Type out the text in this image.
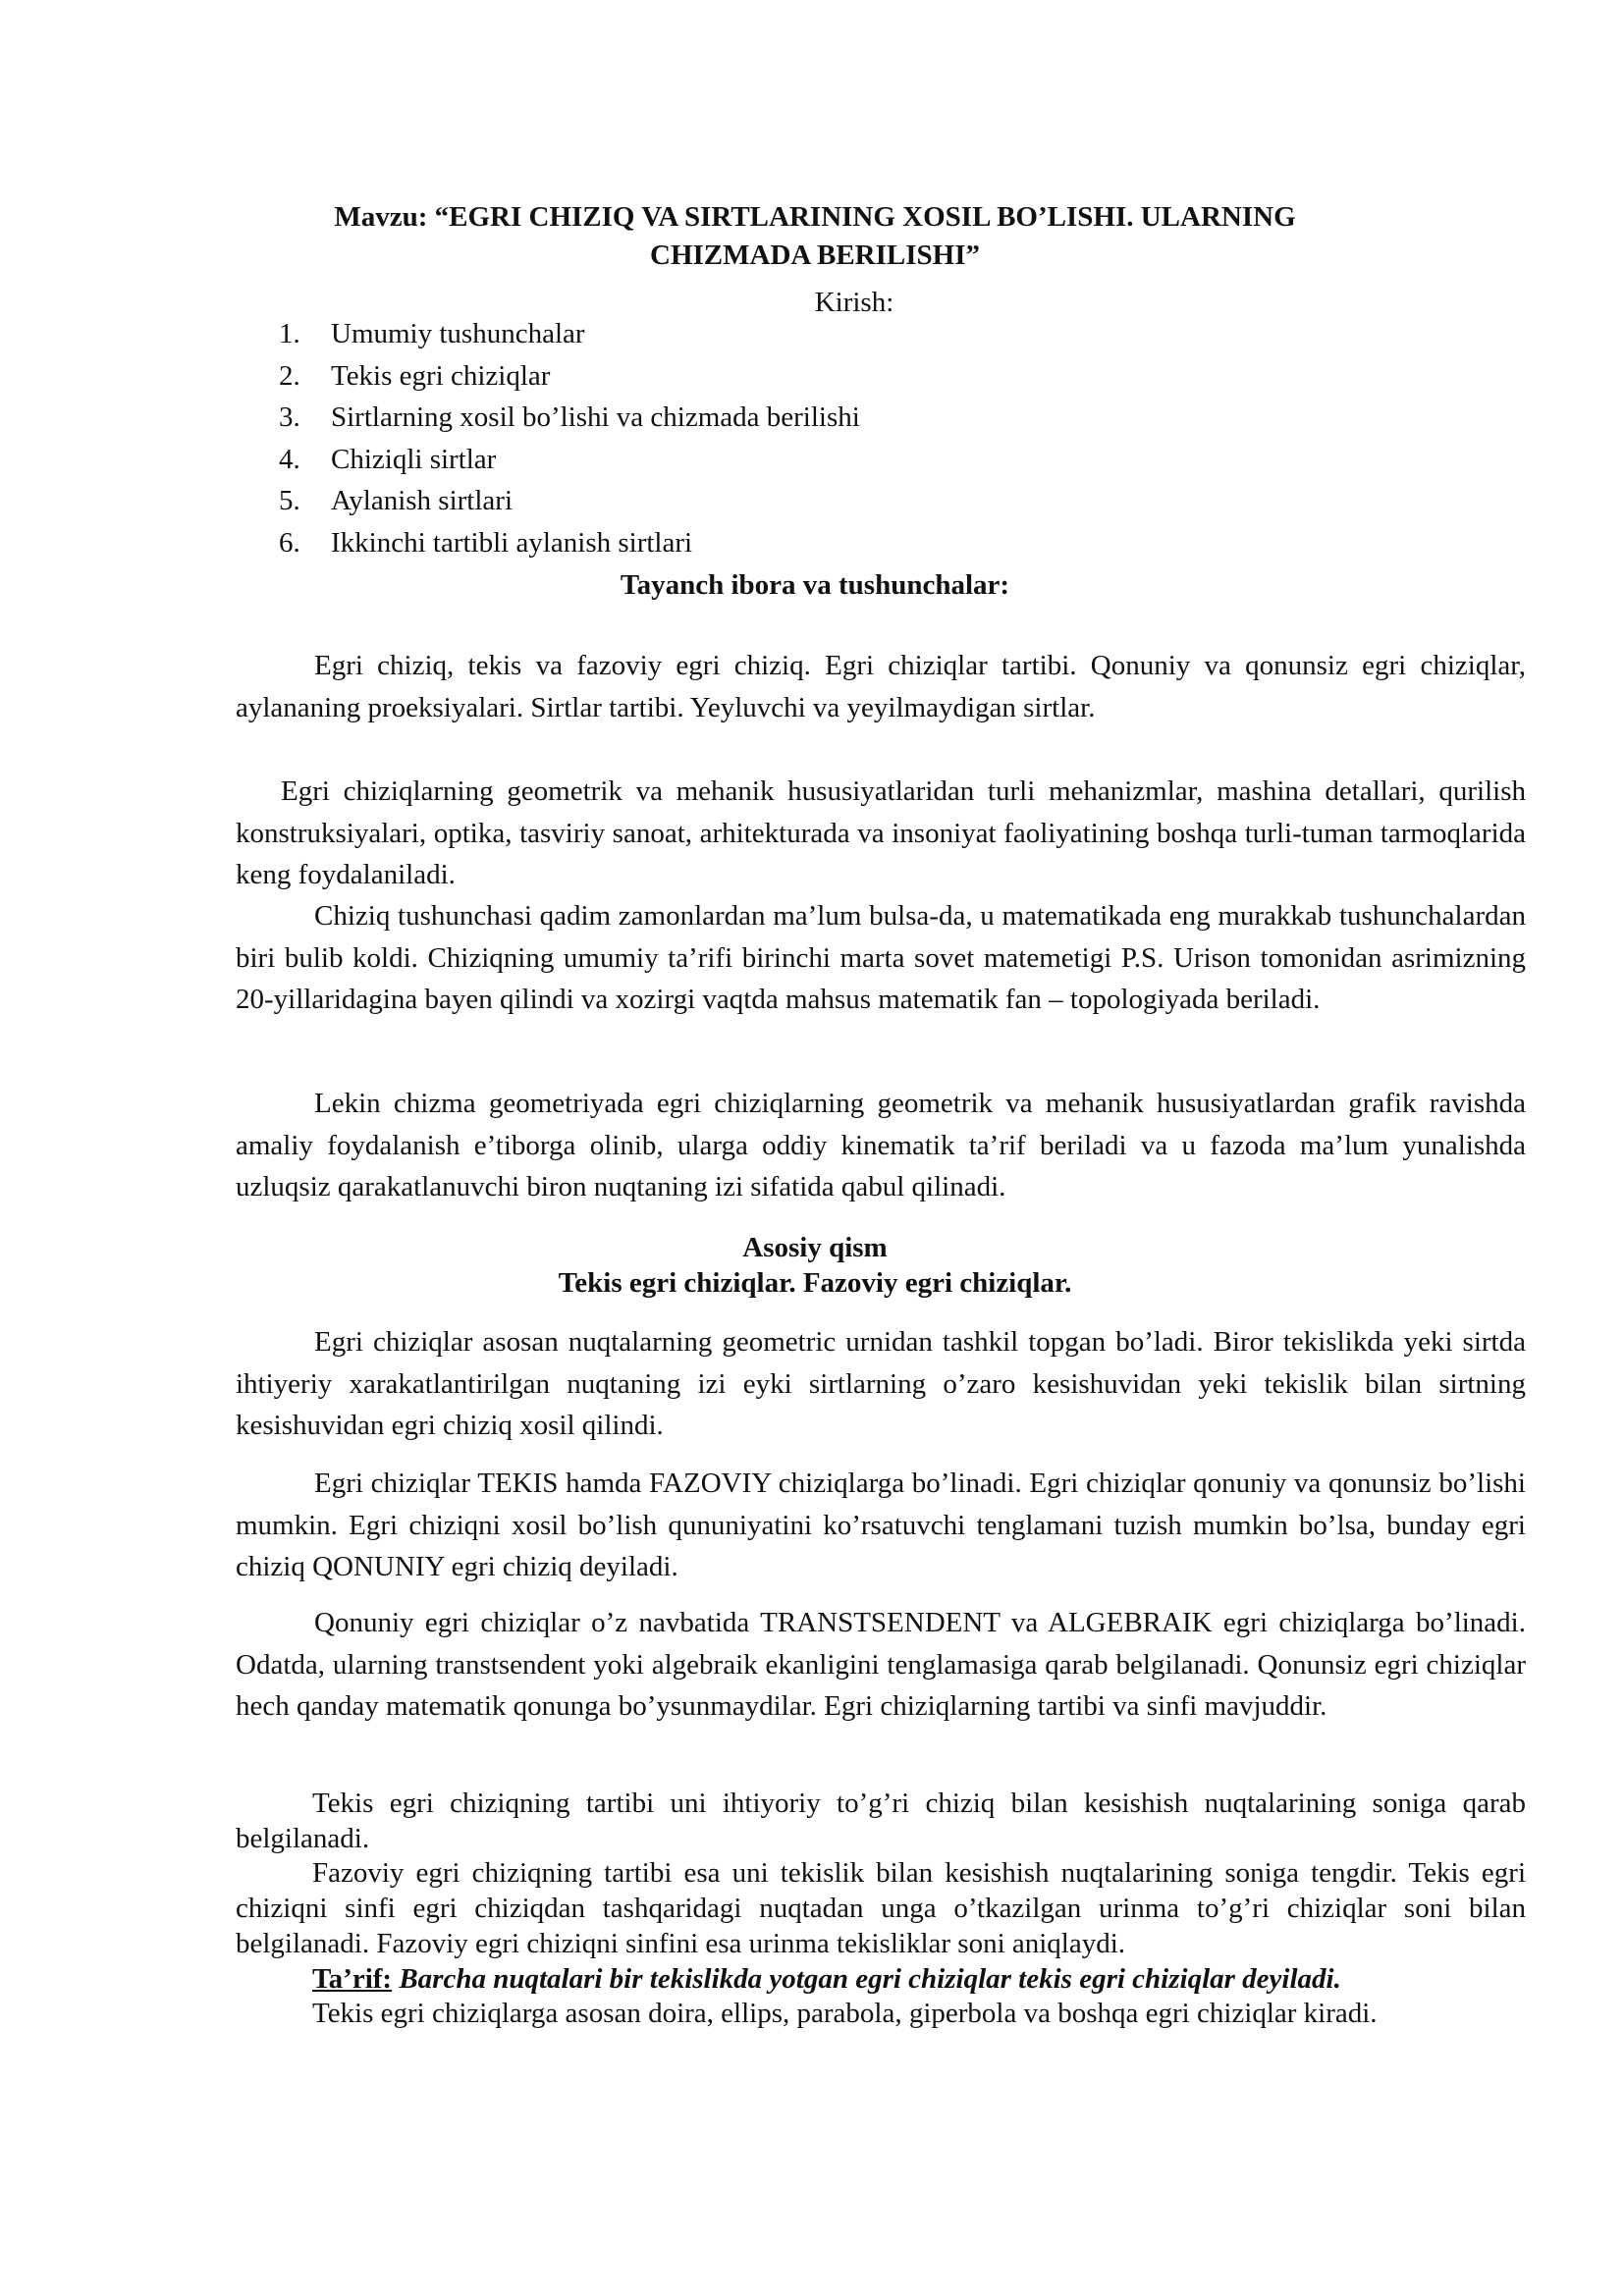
Mavzu: “EGRI CHIZIQ VA SIRTLARINING XOSIL BO’LISHI. ULARNING

CHIZMADA BERILISHI”

Kirish:

1.	Umumiy tushunchalar
2.	Tekis egri chiziqlar
3.	Sirtlarning xosil bo’lishi va chizmada berilishi
4.	Chiziqli sirtlar
5.	Aylanish sirtlari
6.	Ikkinchi tartibli aylanish sirtlari

Tayanch ibora va tushunchalar:

Egri chiziq, tekis va fazoviy egri chiziq. Egri chiziqlar tartibi. Qonuniy va qonunsiz egri chiziqlar, aylananing proeksiyalari. Sirtlar tartibi. Yeyluvchi va yeyilmaydigan sirtlar.

Egri chiziqlarning geometrik va mehanik hususiyatlaridan turli mehanizmlar, mashina detallari, qurilish konstruksiyalari, optika, tasviriy sanoat, arhitekturada va insoniyat faoliyatining boshqa turli-tuman tarmoqlarida keng foydalaniladi.

Chiziq tushunchasi qadim zamonlardan ma’lum bulsa-da, u matematikada eng murakkab tushunchalardan biri bulib koldi. Chiziqning umumiy ta’rifi birinchi marta sovet matemetigi P.S. Urison tomonidan asrimizning 20-yillaridagina bayen qilindi va xozirgi vaqtda mahsus matematik fan – topologiyada beriladi.

Lekin chizma geometriyada egri chiziqlarning geometrik va mehanik hususiyatlardan grafik ravishda amaliy foydalanish e’tiborga olinib, ularga oddiy kinematik ta’rif beriladi va u fazoda ma’lum yunalishda uzluqsiz qarakatlanuvchi biron nuqtaning izi sifatida qabul qilinadi.

Asosiy qism

Tekis egri chiziqlar. Fazoviy egri chiziqlar.

Egri chiziqlar asosan nuqtalarning geometric urnidan tashkil topgan bo’ladi. Biror tekislikda yeki sirtda ihtiyeriy xarakatlantirilgan nuqtaning izi eyki sirtlarning o’zaro kesishuvidan yeki tekislik bilan sirtning kesishuvidan egri chiziq xosil qilindi.

Egri chiziqlar TEKIS hamda FAZOVIY chiziqlarga bo’linadi. Egri chiziqlar qonuniy va qonunsiz bo’lishi mumkin. Egri chiziqni xosil bo’lish qununiyatini ko’rsatuvchi tenglamani tuzish mumkin bo’lsa, bunday egri chiziq QONUNIY egri chiziq deyiladi.

Qonuniy egri chiziqlar o’z navbatida TRANSTSENDENT va ALGEBRAIK egri chiziqlarga bo’linadi. Odatda, ularning transtsendent yoki algebraik ekanligini tenglamasiga qarab belgilanadi. Qonunsiz egri chiziqlar hech qanday matematik qonunga bo’ysunmaydilar. Egri chiziqlarning tartibi va sinfi mavjuddir.

Tekis egri chiziqning tartibi uni ihtiyoriy to’g’ri chiziq bilan kesishish nuqtalarining soniga qarab belgilanadi.

Fazoviy egri chiziqning tartibi esa uni tekislik bilan kesishish nuqtalarining soniga tengdir. Tekis egri chiziqni sinfi egri chiziqdan tashqaridagi nuqtadan unga o’tkazilgan urinma to’g’ri chiziqlar soni bilan belgilanadi. Fazoviy egri chiziqni sinfini esa urinma tekisliklar soni aniqlaydi.

Ta’rif: Barcha nuqtalari bir tekislikda yotgan egri chiziqlar tekis egri chiziqlar deyiladi.

Tekis egri chiziqlarga asosan doira, ellips, parabola, giperbola va boshqa egri chiziqlar kiradi.
